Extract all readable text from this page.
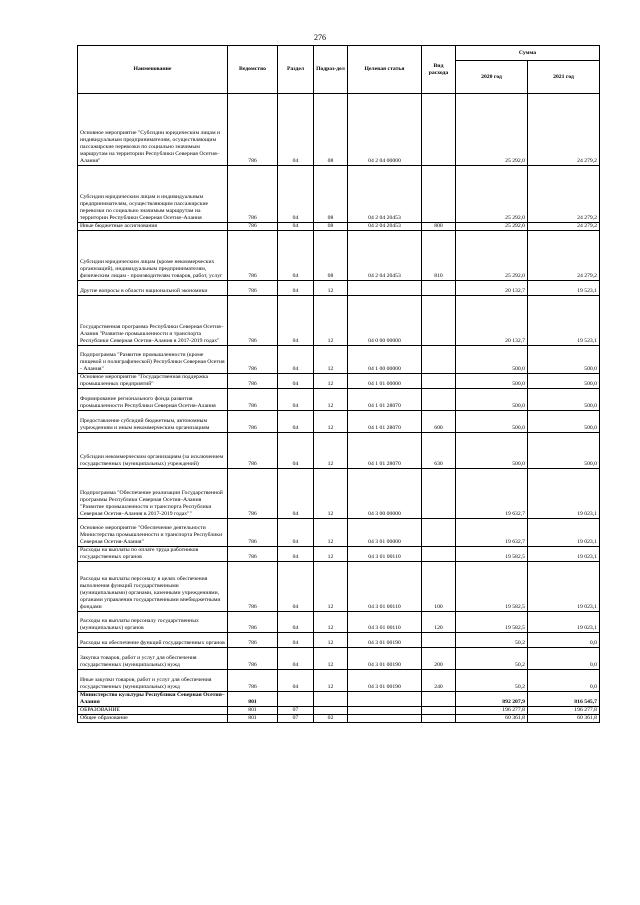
276
Наименование	Ведомство	Раздел	Подраз-дел	Целевая статья	Вид расхода	Сумма	
						2020 год	2021 год
Основное мероприятие "Субсидии юридическим лицам и индивидуальным предпринимателям, осуществляющим пассажирские перевозки по социально значимым маршрутам на территории Республики Северная Осетия–Алания"	786	04	08	04 2 04 00000		25 292,0	24 279,2
Субсидии юридическим лицам и индивидуальным предпринимателям, осуществляющим пассажирские перевозки по социально значимым маршрутам на территории Республики Северная Осетия–Алания	786	04	08	04 2 04 20453		25 292,0	24 279,2
Иные бюджетные ассигнования	786	04	08	04 2 04 20453	800	25 292,0	24 279,2
Субсидии юридическим лицам (кроме некоммерческих организаций), индивидуальным предпринимателям, физическим лицам - производителям товаров, работ, услуг	786	04	08	04 2 04 20453	810	25 292,0	24 279,2
Другие вопросы в области национальной экономики	786	04	12			20 132,7	19 523,1
Государственная программа Республики Северная Осетия–Алания "Развитие промышленности и транспорта Республики Северная Осетия–Алания в 2017-2019 годах"	786	04	12	04 0 00 00000		20 132,7	19 523,1
Подпрограмма "Развитие промышленности (кроме пищевой и полиграфической) Республики Северная Осетия - Алания"	786	04	12	04 1 00 00000		500,0	500,0
Основное мероприятие "Государственная поддержка промышленных предприятий"	786	04	12	04 1 01 00000		500,0	500,0
Формирование регионального фонда развития промышленности Республики Северная Осетия-Алания	786	04	12	04 1 01 28070		500,0	500,0
Предоставление субсидий бюджетным, автономным учреждениям и иным некоммерческим организациям	786	04	12	04 1 01 28070	600	500,0	500,0
Субсидии некоммерческим организациям (за исключением государственных (муниципальных) учреждений)	786	04	12	04 1 01 28070	630	500,0	500,0
Подпрограмма "Обеспечение реализации Государственной программы Республики Северная Осетия–Алания "Развитие промышленности и транспорта Республики Северная Осетия–Алания в 2017-2019 годах""	786	04	12	04 3 00 00000		19 632,7	19 023,1
Основное мероприятие "Обеспечение деятельности Министерства промышленности и транспорта Республики Северная Осетия-Алания"	786	04	12	04 3 01 00000		19 632,7	19 023,1
Расходы на выплаты по оплате труда работников государственных органов	786	04	12	04 3 01 00110		19 582,5	19 023,1
Расходы на выплаты персоналу в целях обеспечения выполнения функций государственными (муниципальными) органами, казенными учреждениями, органами управления государственными внебюджетными фондами	786	04	12	04 3 01 00110	100	19 582,5	19 023,1
Расходы на выплаты персоналу государственных (муниципальных) органов	786	04	12	04 3 01 00110	120	19 582,5	19 023,1
Расходы на обеспечение функций государственных органов	786	04	12	04 3 01 00190		50,2	0,0
Закупка товаров, работ и услуг для обеспечения государственных (муниципальных) нужд	786	04	12	04 3 01 00190	200	50,2	0,0
Иные закупки товаров, работ и услуг для обеспечения государственных (муниципальных) нужд	786	04	12	04 3 01 00190	240	50,2	0,0
Министерство культуры Республики Северная Осетия–Алания	801					892 207,9	816 545,7
ОБРАЗОВАНИЕ	801	07				196 277,8	196 277,8
Общее образование	801	07	02			60 361,8	60 361,8
